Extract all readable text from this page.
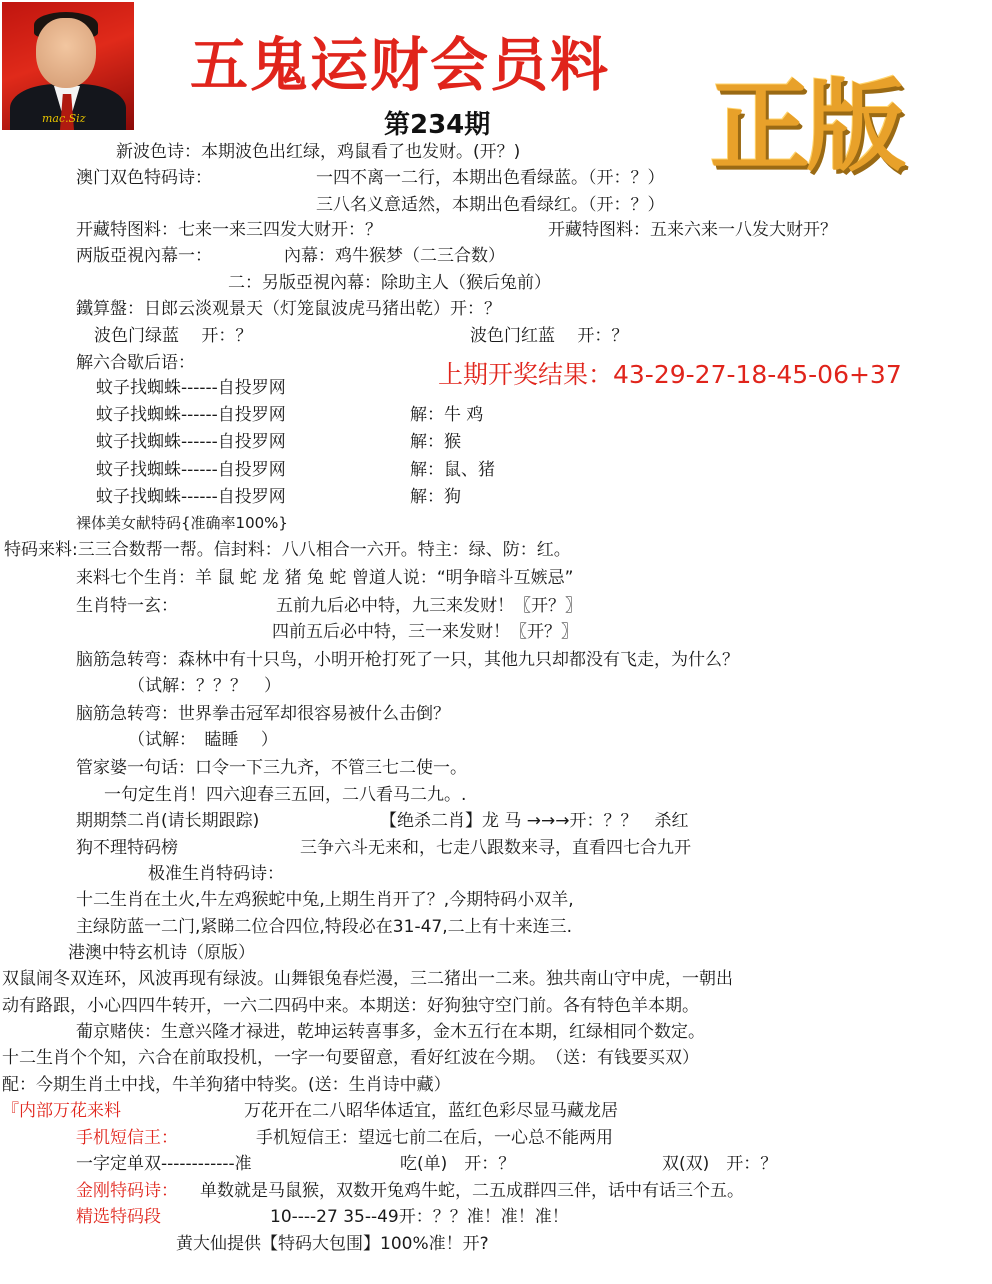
mac.Siz
五鬼运财会员料
第234期 正版
上期开奖结果：43-29-27-18-45-06+37
新波色诗：本期波色出红绿，鸡鼠看了也发财。(开？)
澳门双色特码诗：	一四不离一二行，本期出色看绿蓝。（开：？）
三八名义意适然，本期出色看绿红。（开：？）
开藏特图料：七来一来三四发大财开：？	开藏特图料：五来六来一八发大财开？
两版亞視內幕一：	內幕：鸡牛猴梦（二三合数）
二：另版亞視內幕：除助主人（猴后兔前）
鐵算盤：日郎云淡观景天（灯笼鼠波虎马猪出乾）开：？
波色门绿蓝　 开：？	波色门红蓝　 开：？
解六合歇后语：
蚊子找蜘蛛------自投罗网
蚊子找蜘蛛------自投罗网	解：牛 鸡
蚊子找蜘蛛------自投罗网	解：猴
蚊子找蜘蛛------自投罗网	解：鼠、猪
蚊子找蜘蛛------自投罗网	解：狗
裸体美女献特码{准确率100%}
特码来料:三三合数帮一帮。信封料：八八相合一六开。特主：绿、防：红。
来料七个生肖：羊 鼠 蛇 龙 猪 兔 蛇 曾道人说：“明争暗斗互嫉忌”
生肖特一玄：	五前九后必中特，九三来发财！〖开？〗
四前五后必中特，三一来发财！〖开？〗
脑筋急转弯：森林中有十只鸟，小明开枪打死了一只，其他九只却都没有飞走，为什么？
（试解：？？？　）
脑筋急转弯：世界拳击冠军却很容易被什么击倒？
（试解：　瞌睡　 ）
管家婆一句话：口令一下三九齐，不管三七二使一。
一句定生肖！四六迎春三五回，二八看马二九。.
期期禁二肖(请长期跟踪)	【绝杀二肖】龙 马 →→→开：？？　杀红
狗不理特码榜	三争六斗无来和，七走八跟数来寻，直看四七合九开
极准生肖特码诗：
十二生肖在土火,牛左鸡猴蛇中兔,上期生肖开了？,今期特码小双羊,
主绿防蓝一二门,紧睇二位合四位,特段必在31-47,二上有十来连三.
港澳中特玄机诗（原版）
双鼠闹冬双连环，风波再现有绿波。山舞银兔春烂漫，三二猪出一二来。独共南山守中虎，一朝出
动有路跟，小心四四牛转开，一六二四码中来。本期送：好狗独守空门前。各有特色羊本期。
葡京赌侠：生意兴隆才禄进，乾坤运转喜事多，金木五行在本期，红绿相同个数定。
十二生肖个个知，六合在前取投机，一字一句要留意，看好红波在今期。　（送：有钱要买双）
配：今期生肖土中找，牛羊狗猪中特奖。(送：生肖诗中藏）
『内部万花来料	万花开在二八昭华体适宜，蓝红色彩尽显马藏龙居
手机短信王：	手机短信王：望远七前二在后，一心总不能两用
一字定单双------------准	吃(单)　开：？	双(双)　开：？
金刚特码诗： 单数就是马鼠猴，双数开兔鸡牛蛇，二五成群四三伴，话中有话三个五。
精选特码段	10----27 35--49开：？？准！准！准！
黄大仙提供【特码大包围】100%准！开?
